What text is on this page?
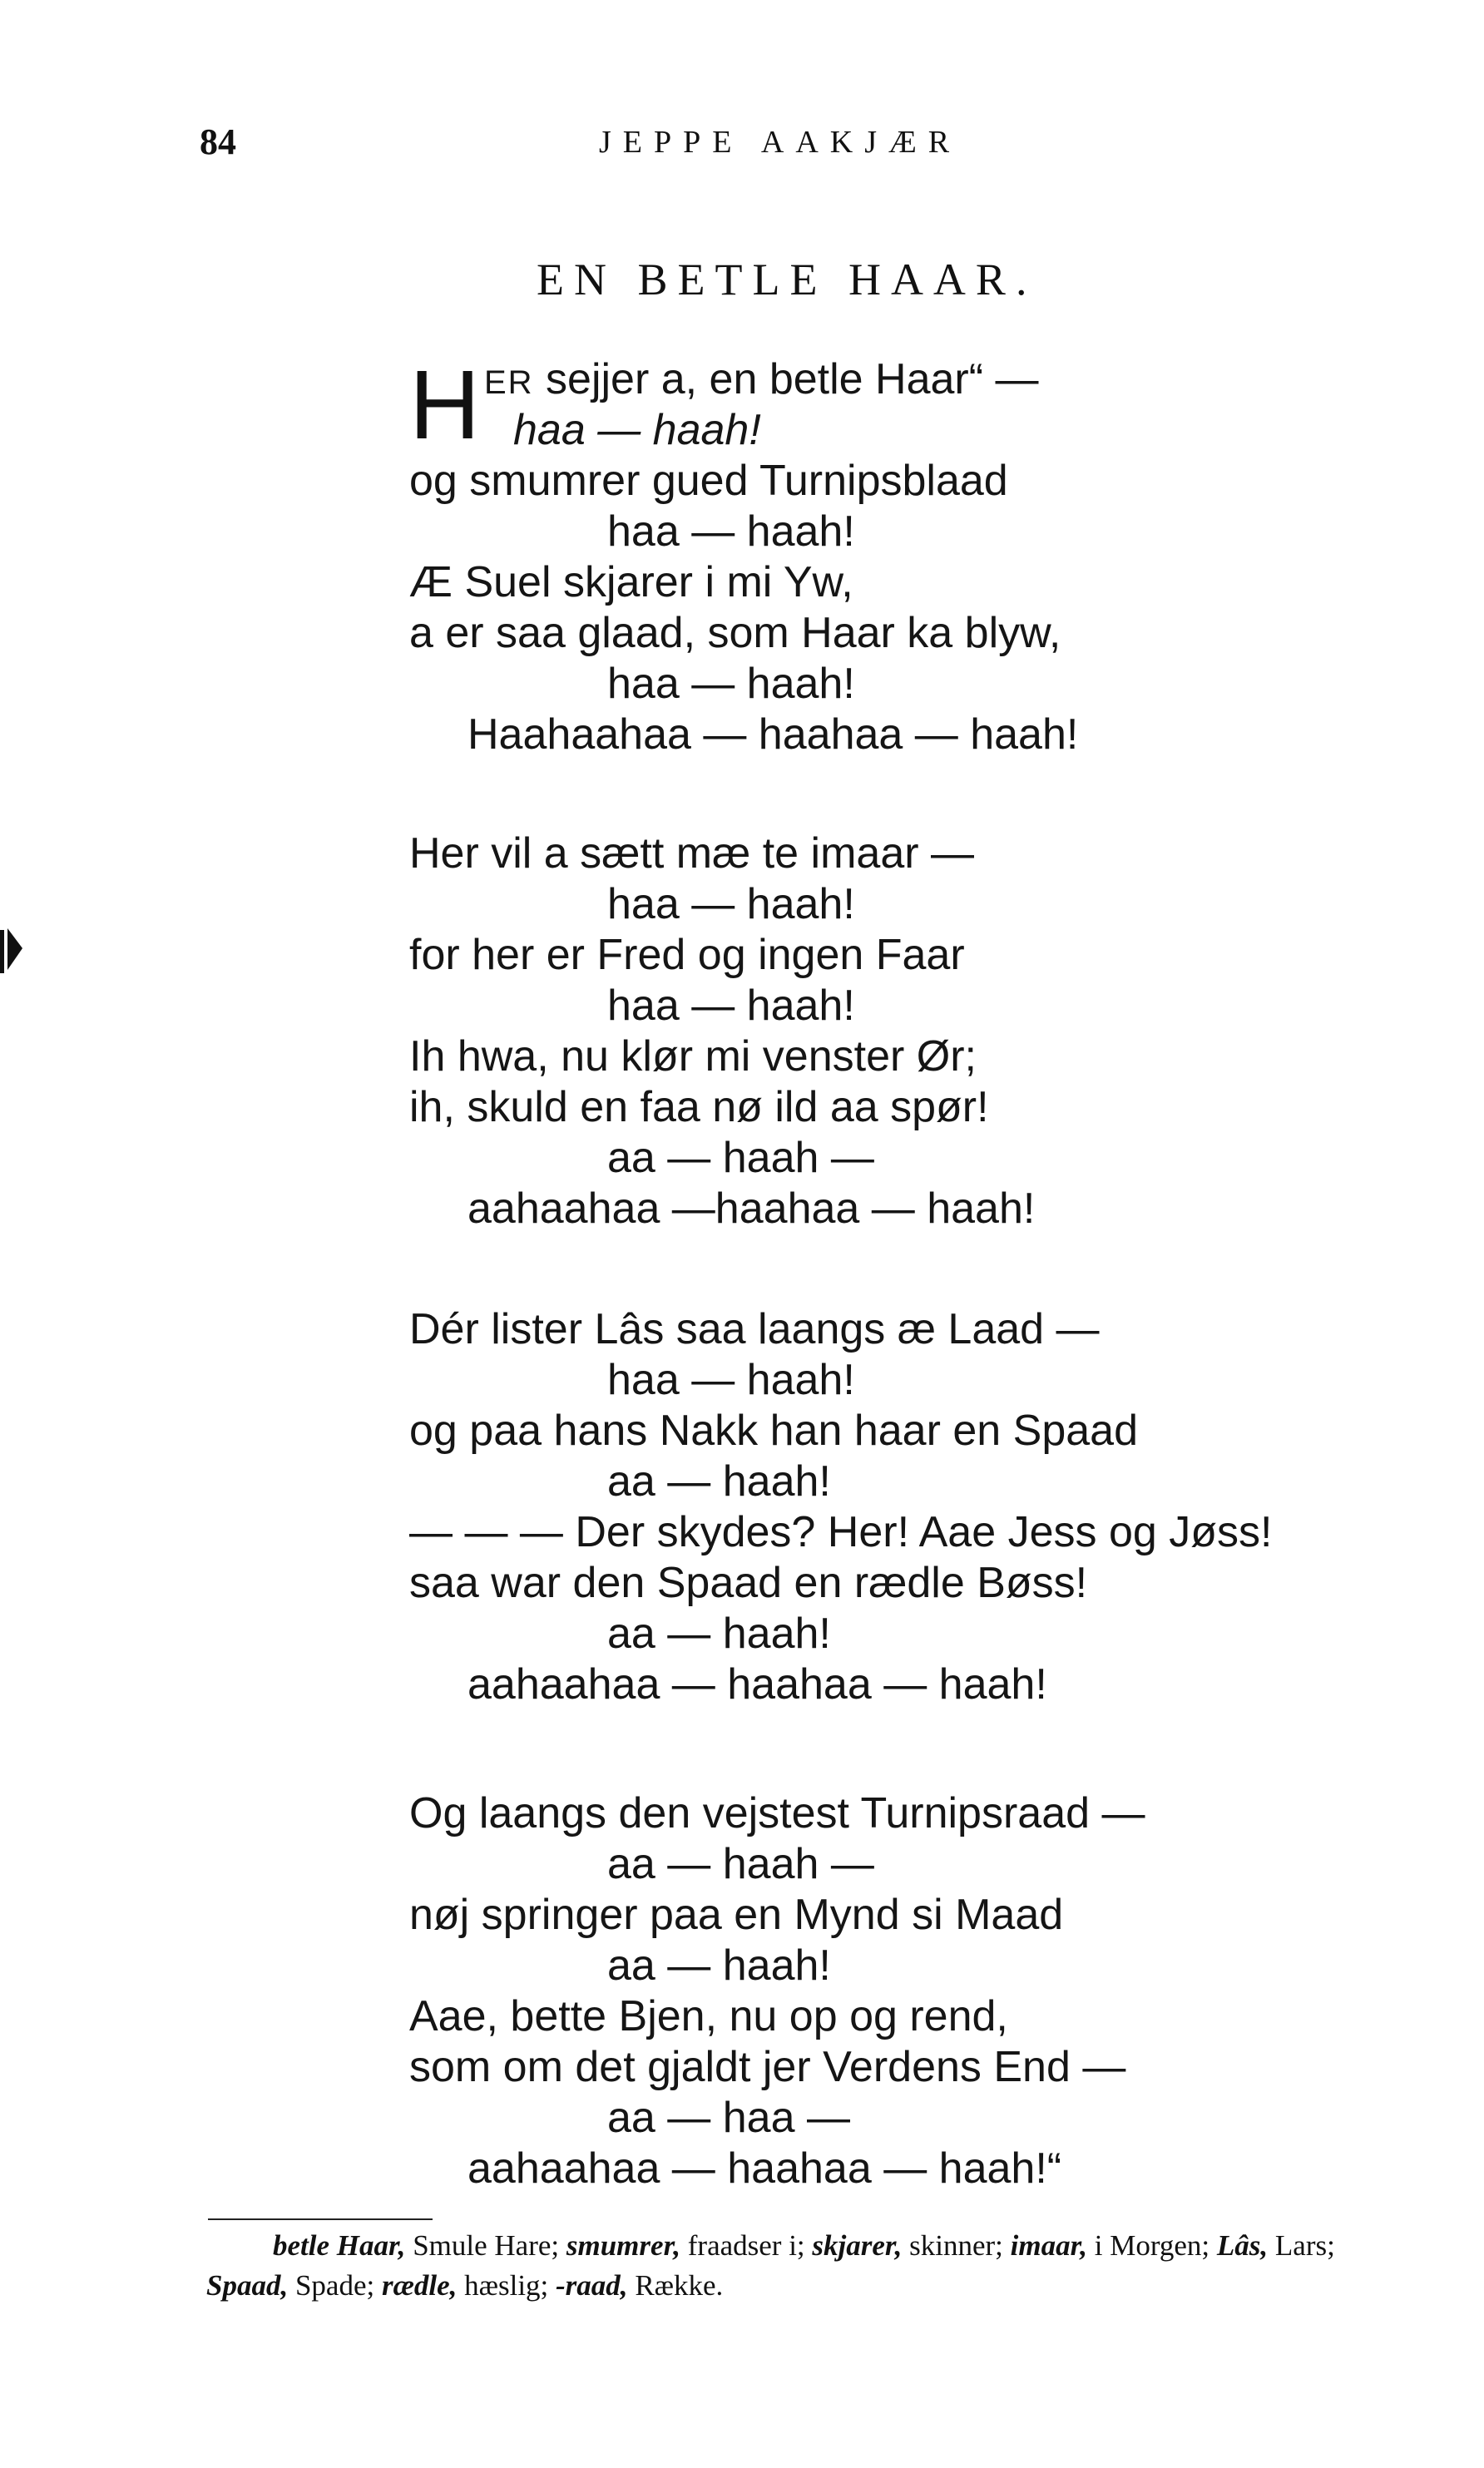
84	JEPPE AAKJÆR
EN BETLE HAAR.
H ER sejjer a, en betle Haar“ —
haa — haah!
og smumrer gued Turnipsblaad
haa — haah!
Æ Suel skjarer i mi Yw,
a er saa glaad, som Haar ka blyw,
haa — haah!
Haahaahaa — haahaa — haah!
Her vil a sætt mæ te imaar —
haa — haah!
for her er Fred og ingen Faar
haa — haah!
Ih hwa, nu klør mi venster Ør;
ih, skuld en faa nø ild aa spør!
aa — haah —
aahaahaa —haahaa — haah!
Dér lister Lâs saa laangs æ Laad —
haa — haah!
og paa hans Nakk han haar en Spaad
aa — haah!
— — — Der skydes? Her! Aae Jess og Jøss!
saa war den Spaad en rædle Bøss!
aa — haah!
aahaahaa — haahaa — haah!
Og laangs den vejstest Turnipsraad —
aa — haah —
nøj springer paa en Mynd si Maad
aa — haah!
Aae, bette Bjen, nu op og rend,
som om det gjaldt jer Verdens End —
aa — haa —
aahaahaa — haahaa — haah!“
betle Haar, Smule Hare; smumrer, fraadser i; skjarer, skinner; imaar, i Morgen; Lâs, Lars; Spaad, Spade; rædle, hæslig; -raad, Række.
